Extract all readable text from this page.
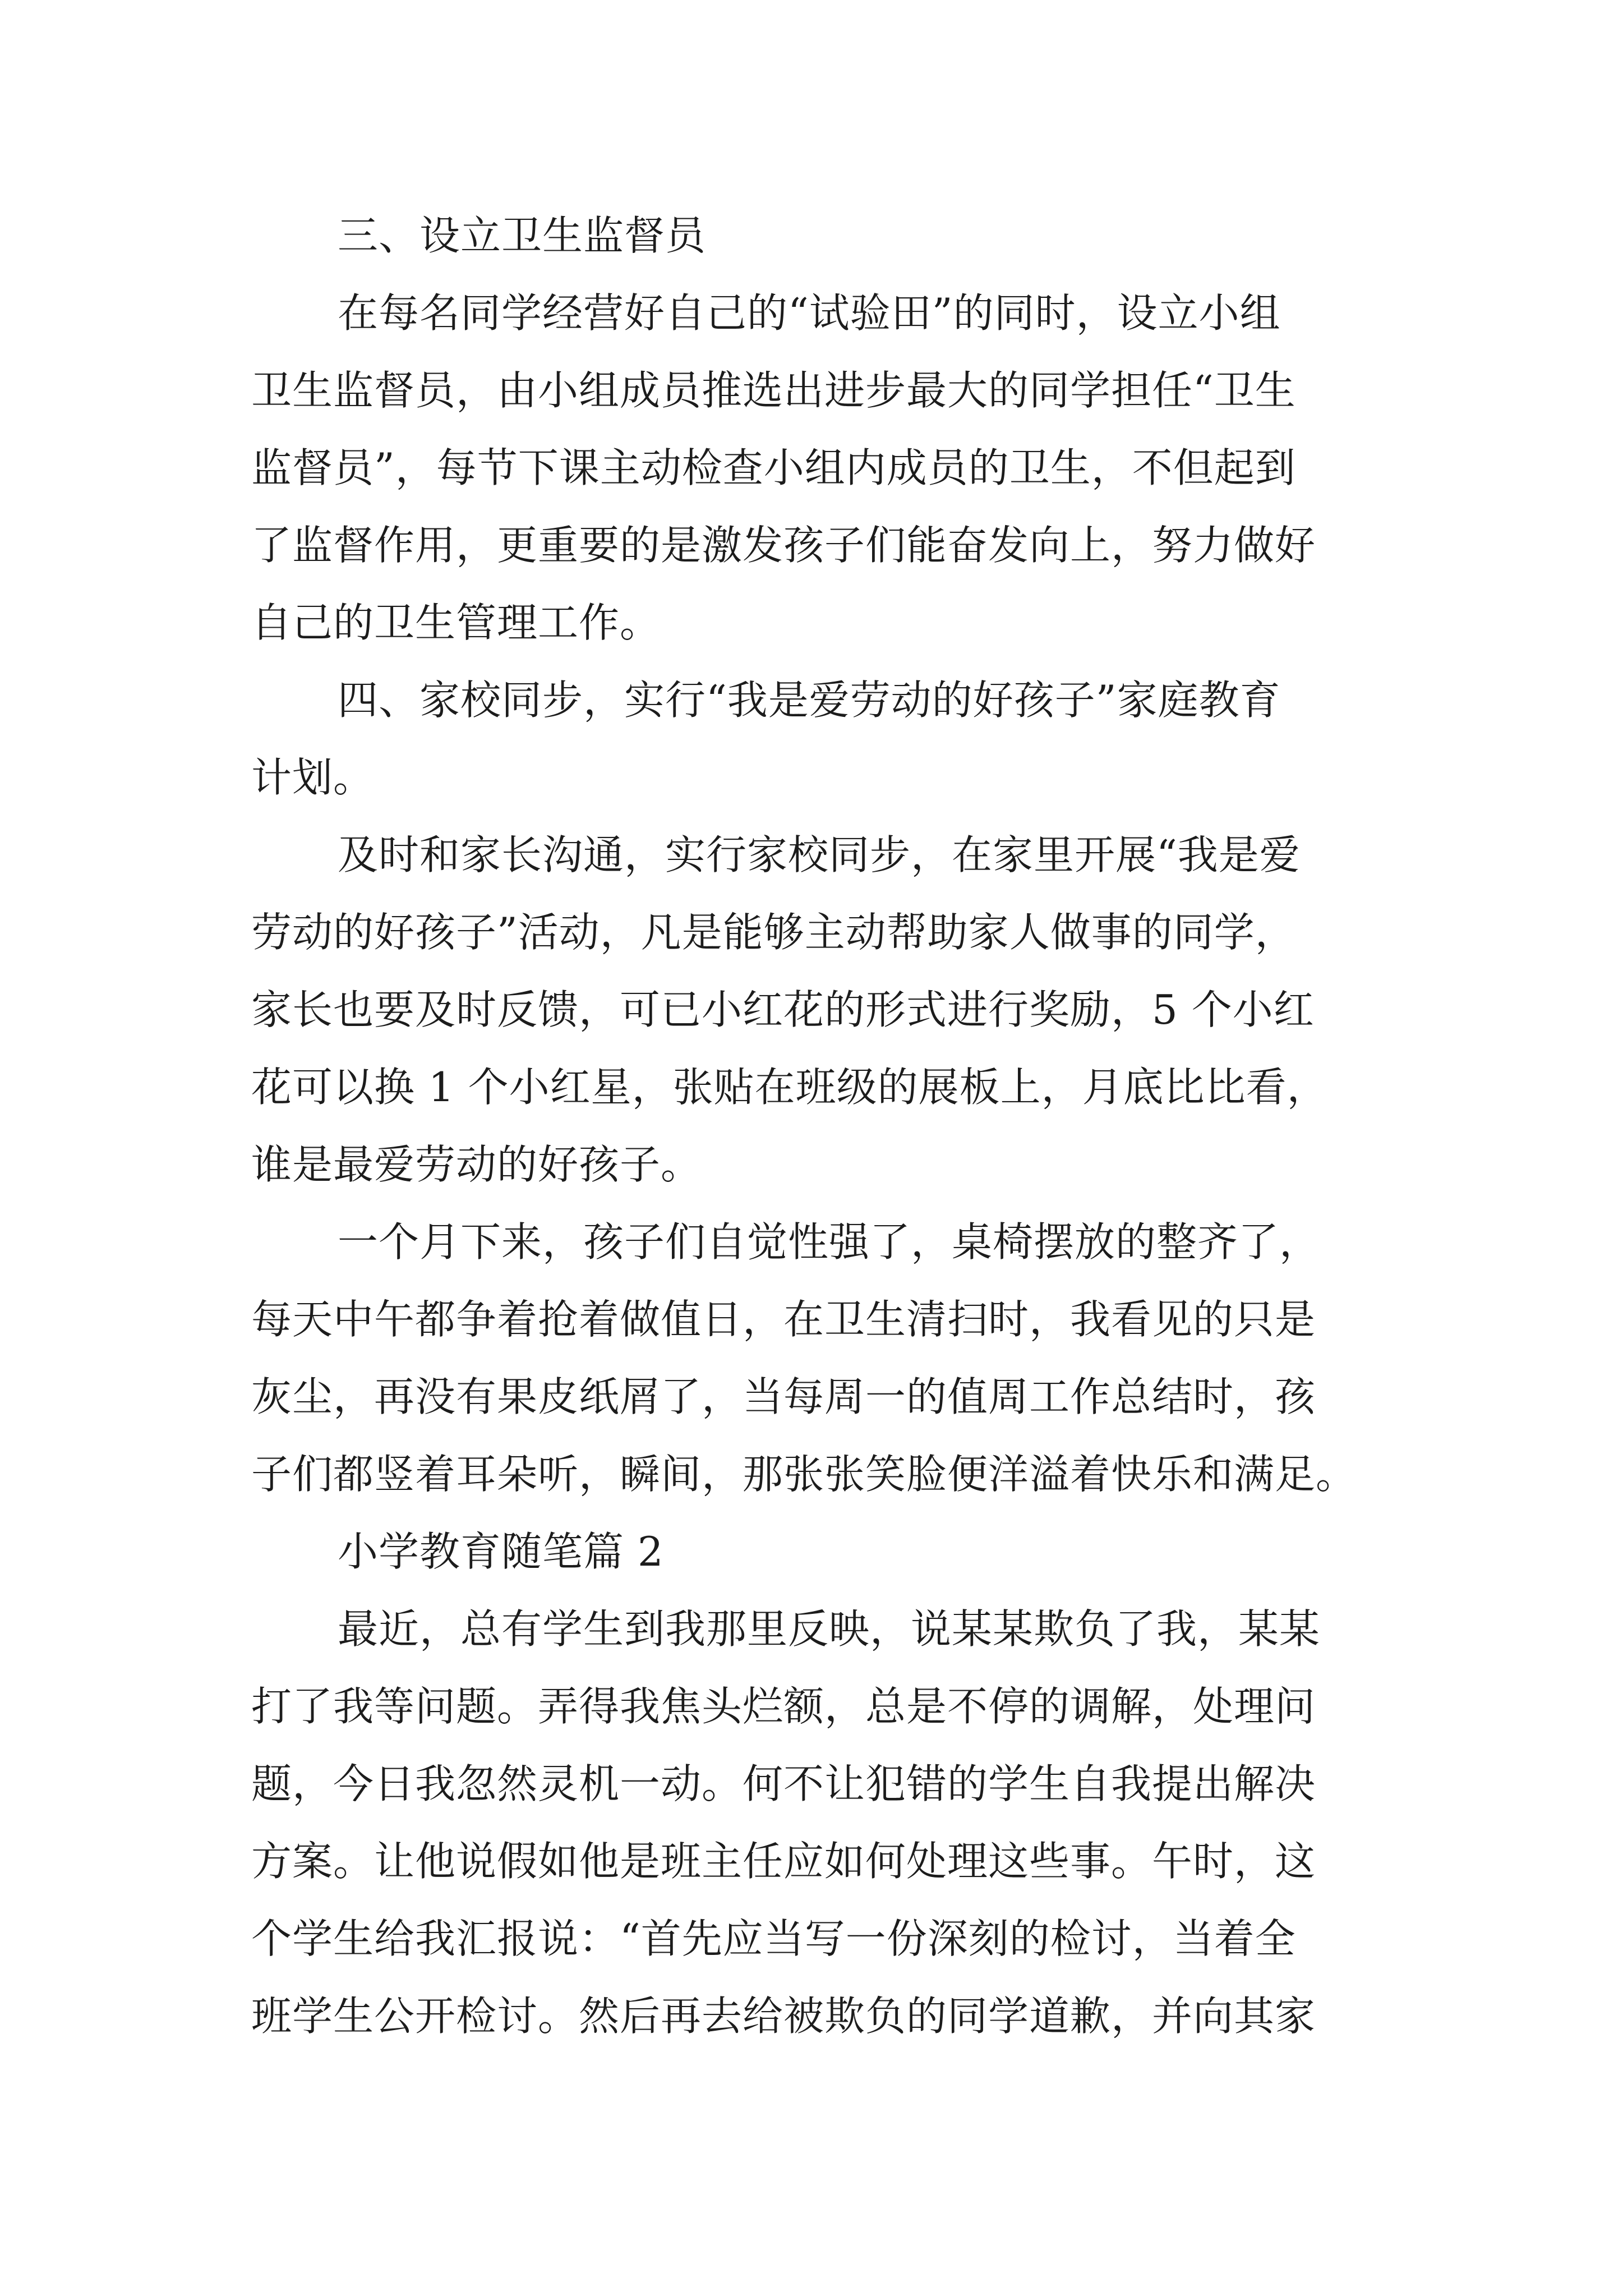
三、设立卫生监督员
在每名同学经营好自己的“试验田”的同时，设立小组
卫生监督员，由小组成员推选出进步最大的同学担任“卫生
监督员”，每节下课主动检查小组内成员的卫生，不但起到
了监督作用，更重要的是激发孩子们能奋发向上，努力做好
自己的卫生管理工作。
四、家校同步，实行“我是爱劳动的好孩子”家庭教育
计划。
及时和家长沟通，实行家校同步，在家里开展“我是爱
劳动的好孩子”活动，凡是能够主动帮助家人做事的同学，
家长也要及时反馈，可已小红花的形式进行奖励，5 个小红
花可以换 1 个小红星，张贴在班级的展板上，月底比比看，
谁是最爱劳动的好孩子。
一个月下来，孩子们自觉性强了，桌椅摆放的整齐了，
每天中午都争着抢着做值日，在卫生清扫时，我看见的只是
灰尘，再没有果皮纸屑了，当每周一的值周工作总结时，孩
子们都竖着耳朵听，瞬间，那张张笑脸便洋溢着快乐和满足。
小学教育随笔篇 2
最近，总有学生到我那里反映，说某某欺负了我，某某
打了我等问题。弄得我焦头烂额，总是不停的调解，处理问
题，今日我忽然灵机一动。何不让犯错的学生自我提出解决
方案。让他说假如他是班主任应如何处理这些事。午时，这
个学生给我汇报说：“首先应当写一份深刻的检讨，当着全
班学生公开检讨。然后再去给被欺负的同学道歉，并向其家
